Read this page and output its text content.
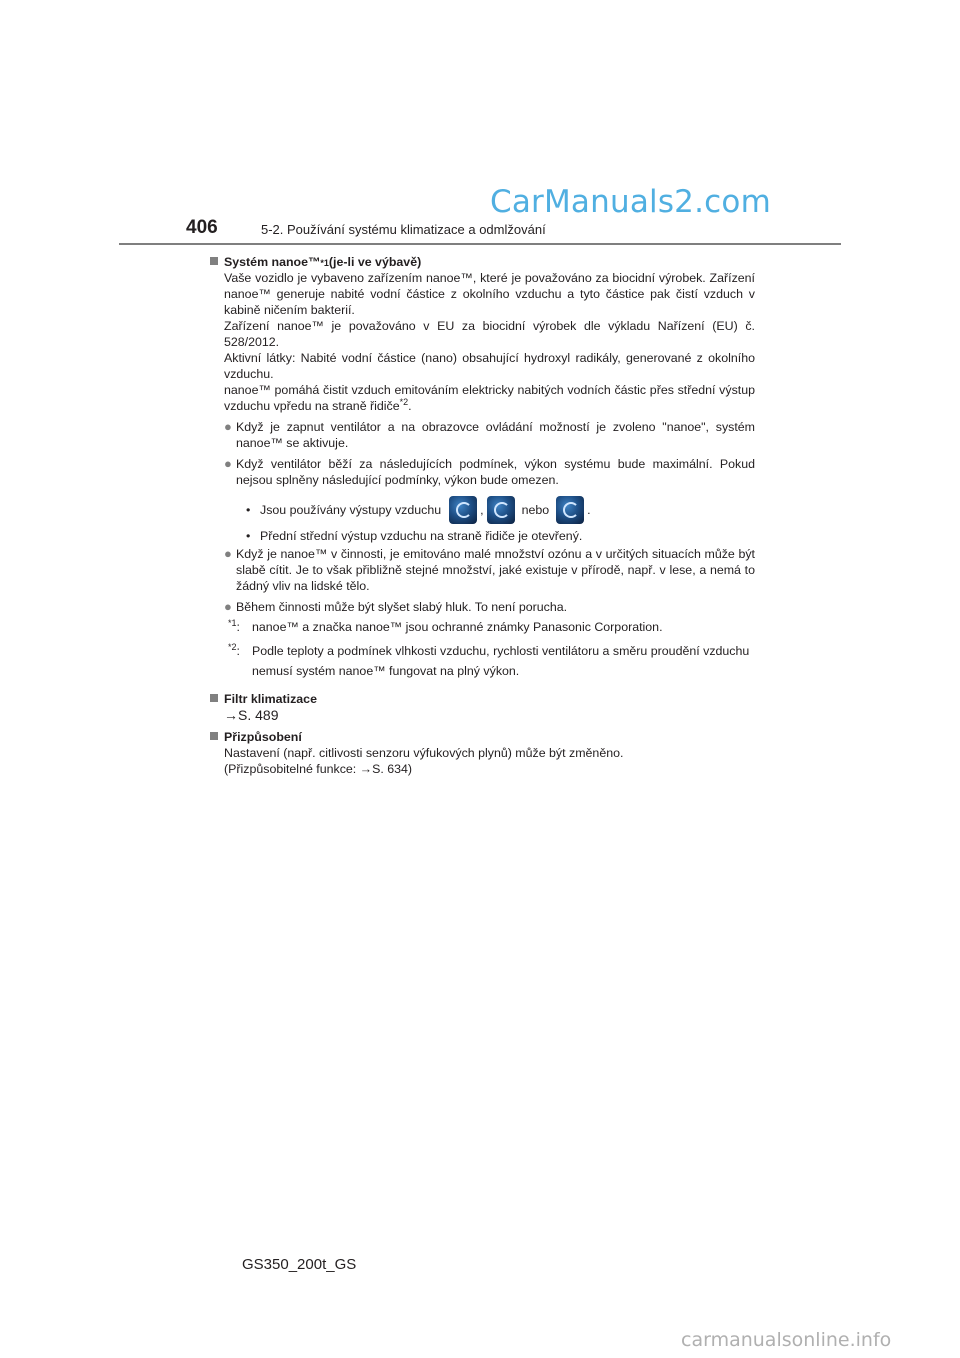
CarManuals2.com
406	5-2. Používání systému klimatizace a odmlžování

Systém nanoe™ *1 (je-li ve výbavě)

Vaše vozidlo je vybaveno zařízením nanoe™, které je považováno za biocidní výrobek. Zařízení nanoe™ generuje nabité vodní částice z okolního vzduchu a tyto částice pak čistí vzduch v kabině ničením bakterií.

Zařízení nanoe™ je považováno v EU za biocidní výrobek dle výkladu Nařízení (EU) č. 528/2012.

Aktivní látky: Nabité vodní částice (nano) obsahující hydroxyl radikály, generované z okolního vzduchu.

nanoe™ pomáhá čistit vzduch emitováním elektricky nabitých vodních částic přes střední výstup vzduchu vpředu na straně řidiče$^{*2}$.

● Když je zapnut ventilátor a na obrazovce ovládání možností je zvoleno "nanoe", systém nanoe™ se aktivuje.
● Když ventilátor běží za následujících podmínek, výkon systému bude maximální. Pokud nejsou splněny následující podmínky, výkon bude omezen.
• Jsou používány výstupy vzduchu	,	nebo	.
• Přední střední výstup vzduchu na straně řidiče je otevřený.
● Když je nanoe™ v činnosti, je emitováno malé množství ozónu a v určitých situacích může být slabě cítit. Je to však přibližně stejné množství, jaké existuje v přírodě, např. v lese, a nemá to žádný vliv na lidské tělo.
● Během činnosti může být slyšet slabý hluk. To není porucha.
$^{*1}$: nanoe™ a značka nanoe™ jsou ochranné známky Panasonic Corporation.
$^{*2}$: Podle teploty a podmínek vlhkosti vzduchu, rychlosti ventilátoru a směru proudění vzduchu nemusí systém nanoe™ fungovat na plný výkon.

Filtr klimatizace

→S. 489

Přizpůsobení

Nastavení (např. citlivosti senzoru výfukových plynů) může být změněno.

(Přizpůsobitelné funkce: →S. 634)

GS350_200t_GS
carmanualsonline.info
